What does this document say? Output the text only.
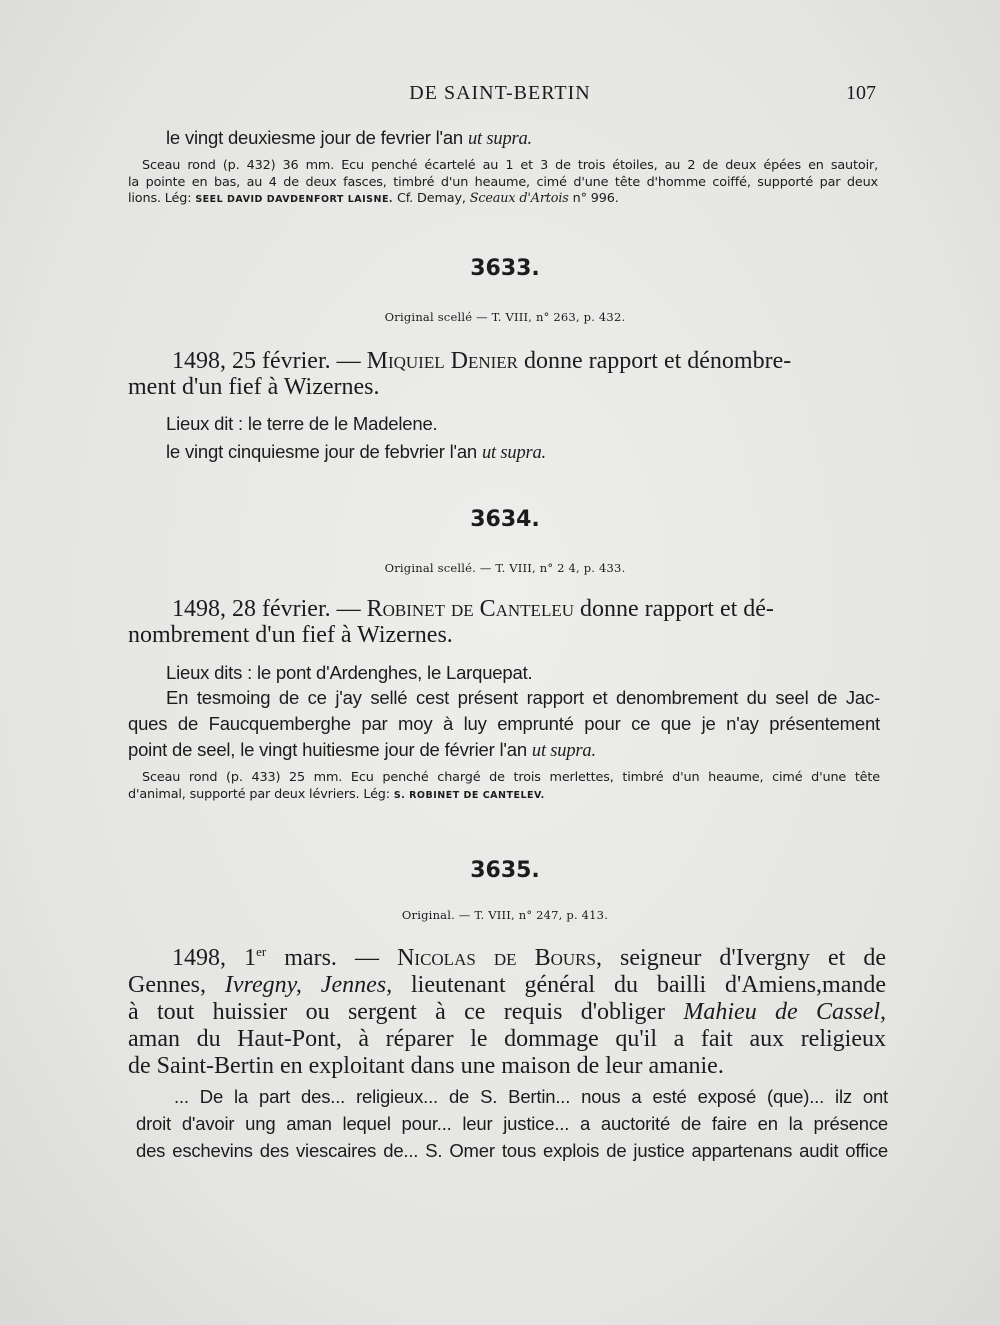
DE SAINT-BERTIN	107
le vingt deuxiesme jour de fevrier l'an ut supra.
Sceau rond (p. 432) 36 mm. Ecu penché écartelé au 1 et 3 de trois étoiles, au 2 de deux épées en sautoir,
la pointe en bas, au 4 de deux fasces, timbré d'un heaume, cimé d'une tête d'homme coiffé, supporté par deux
lions. Lég: SEEL DAVID DAVDENFORT LAISNE. Cf. Demay, Sceaux d'Artois n° 996.
3633.
Original scellé — T. VIII, n° 263, p. 432.
1498, 25 février. — Miquiel Denier donne rapport et dénombre-
ment d'un fief à Wizernes.
Lieux dit : le terre de le Madelene.
le vingt cinquiesme jour de febvrier l'an ut supra.
3634.
Original scellé. — T. VIII, n° 2 4, p. 433.
1498, 28 février. — Robinet de Canteleu donne rapport et dé-
nombrement d'un fief à Wizernes.
Lieux dits : le pont d'Ardenghes, le Larquepat.
En tesmoing de ce j'ay sellé cest présent rapport et denombrement du seel de Jac-
ques de Faucquemberghe par moy à luy emprunté pour ce que je n'ay présentement
point de seel, le vingt huitiesme jour de février l'an ut supra.
Sceau rond (p. 433) 25 mm. Ecu penché chargé de trois merlettes, timbré d'un heaume, cimé d'une tête
d'animal, supporté par deux lévriers. Lég: S. ROBINET DE CANTELEV.
3635.
Original. — T. VIII, n° 247, p. 413.
1498, 1er mars. — Nicolas de Bours, seigneur d'Ivergny et de
Gennes, Ivregny, Jennes, lieutenant général du bailli d'Amiens,mande
à tout huissier ou sergent à ce requis d'obliger Mahieu de Cassel,
aman du Haut-Pont, à réparer le dommage qu'il a fait aux religieux
de Saint-Bertin en exploitant dans une maison de leur amanie.
... De la part des... religieux... de S. Bertin... nous a esté exposé (que)... ilz ont
droit d'avoir ung aman lequel pour... leur justice... a auctorité de faire en la présence
des eschevins des viescaires de... S. Omer tous explois de justice appartenans audit office
